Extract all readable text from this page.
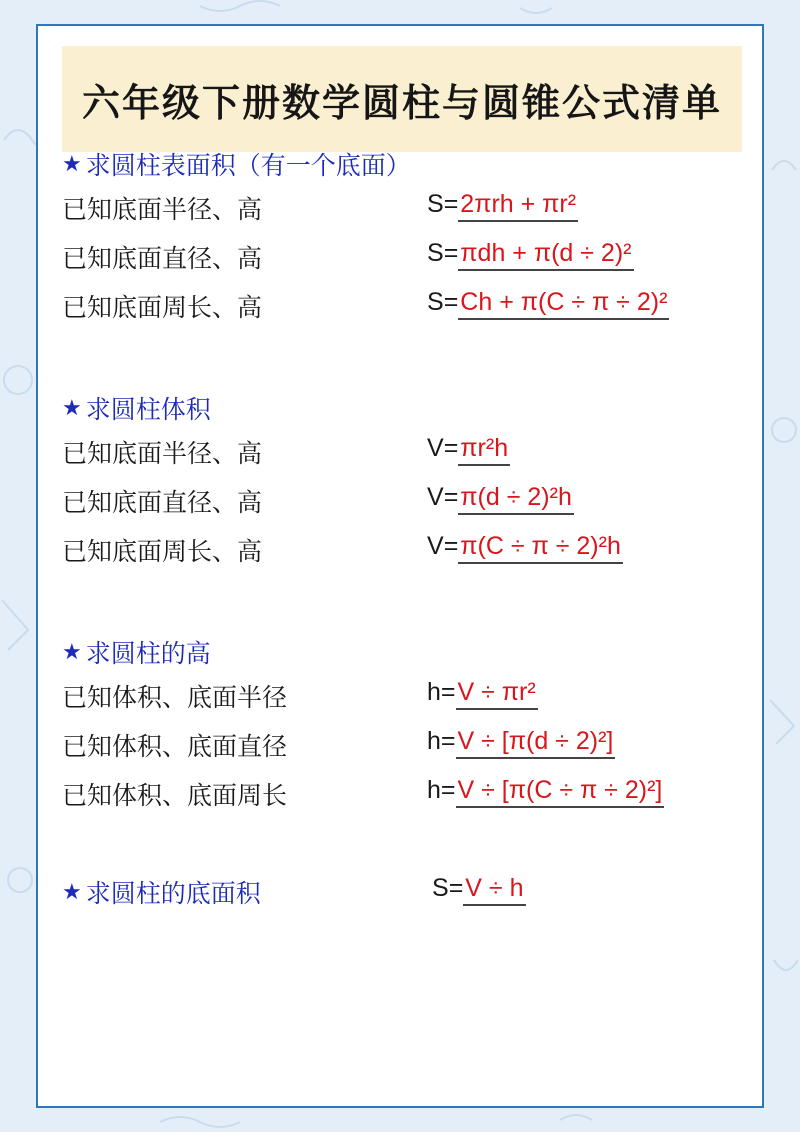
六年级下册数学圆柱与圆锥公式清单
★ 求圆柱表面积（有一个底面）
已知底面半径、高	S = 2πrh + πr²
已知底面直径、高	S = πdh + π(d ÷ 2)²
已知底面周长、高	S = Ch + π(C ÷ π ÷ 2)²
★ 求圆柱体积
已知底面半径、高	V = πr²h
已知底面直径、高	V = π(d ÷ 2)²h
已知底面周长、高	V = π(C ÷ π ÷ 2)²h
★ 求圆柱的高
已知体积、底面半径	h = V ÷ πr²
已知体积、底面直径	h = V ÷ [π(d ÷ 2)²]
已知体积、底面周长	h = V ÷ [π(C ÷ π ÷ 2)²]
★ 求圆柱的底面积	S = V ÷ h
